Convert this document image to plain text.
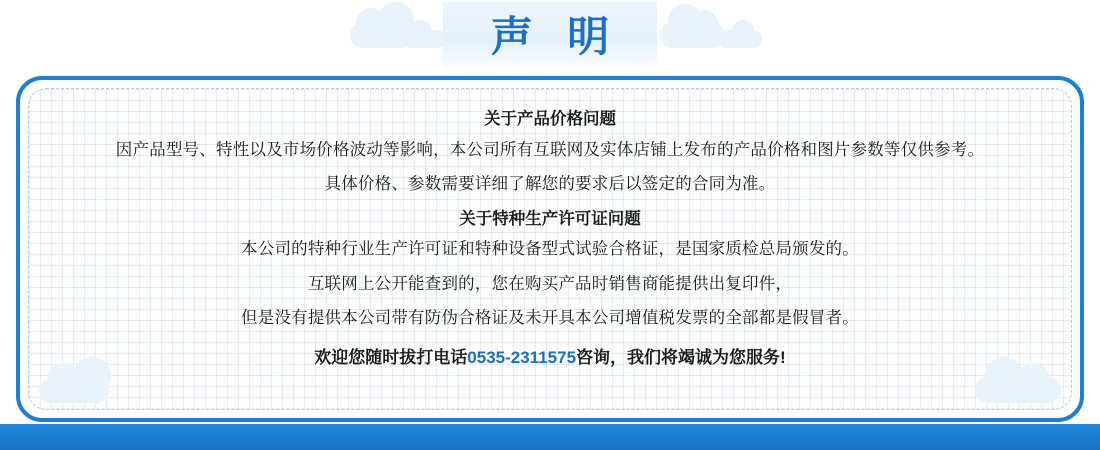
声 明
关于产品价格问题

因产品型号、特性以及市场价格波动等影响，本公司所有互联网及实体店铺上发布的产品价格和图片参数等仅供参考。

具体价格、参数需要详细了解您的要求后以签定的合同为准。

关于特种生产许可证问题

本公司的特种行业生产许可证和特种设备型式试验合格证，是国家质检总局颁发的。

互联网上公开能查到的，您在购买产品时销售商能提供出复印件，

但是没有提供本公司带有防伪合格证及未开具本公司增值税发票的全部都是假冒者。

欢迎您随时拔打电话0535-2311575咨询，我们将竭诚为您服务!
